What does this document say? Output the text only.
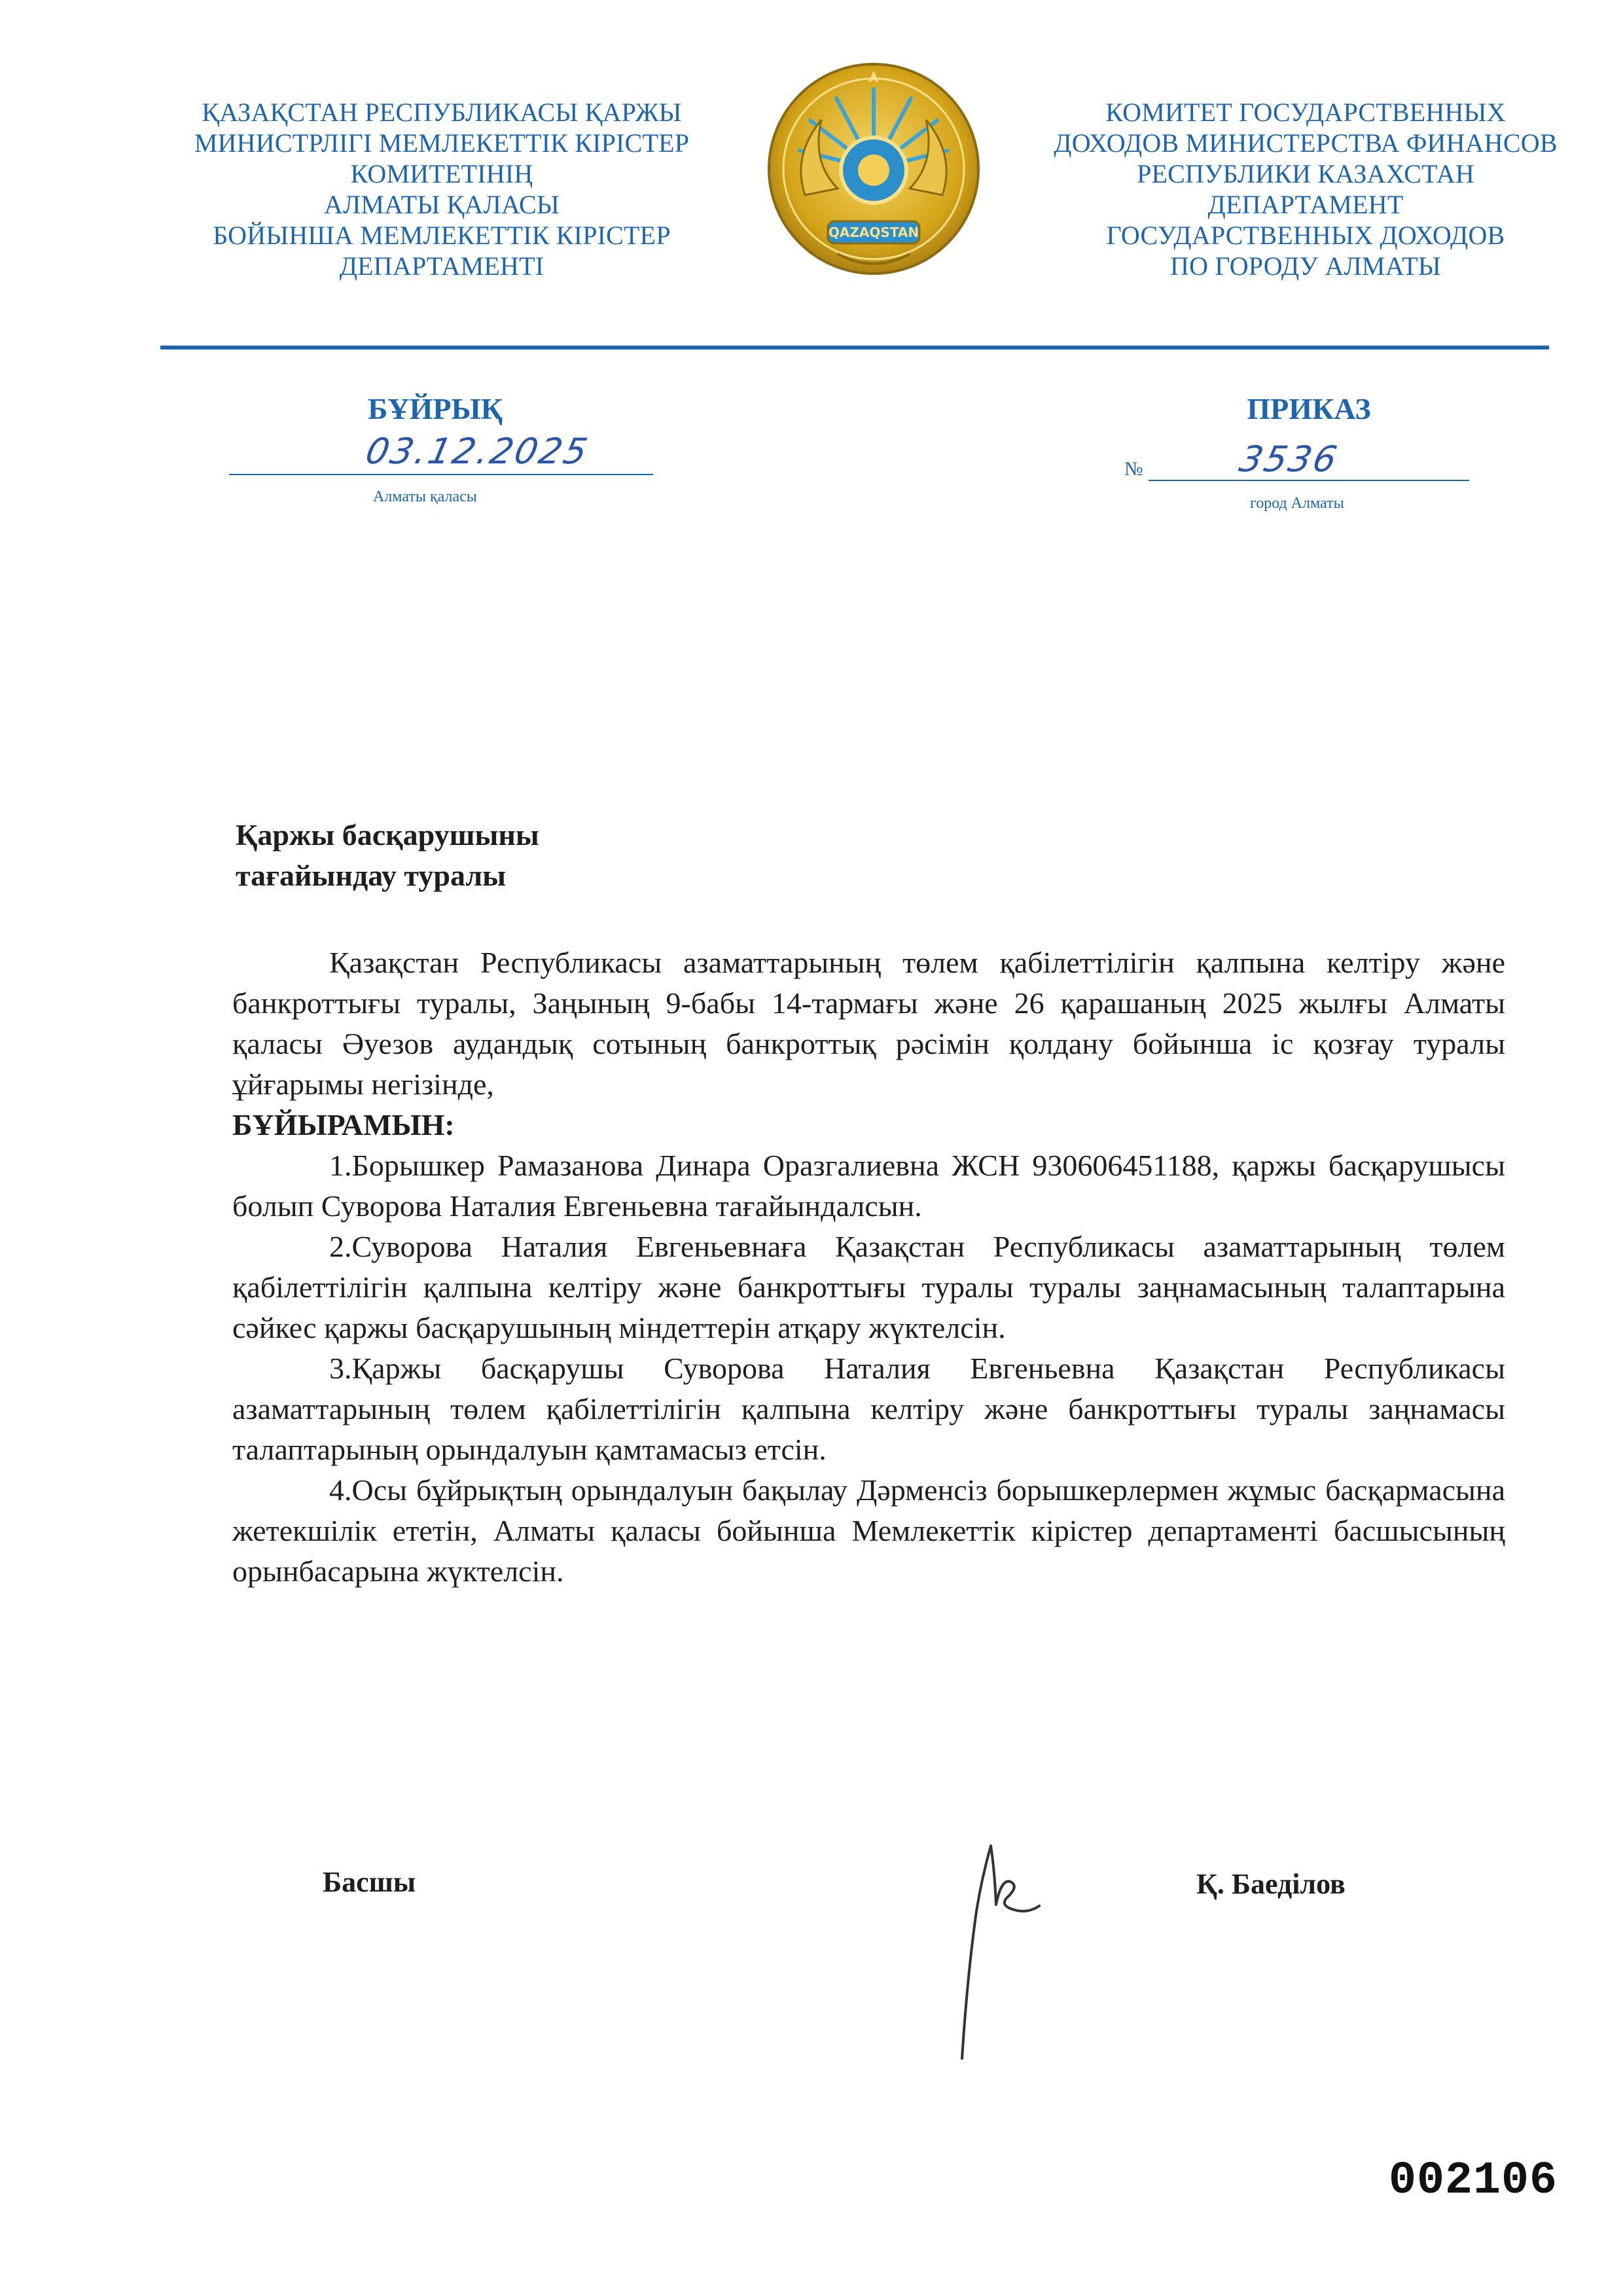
ҚАЗАҚСТАН РЕСПУБЛИКАСЫ ҚАРЖЫ
МИНИСТРЛІГІ МЕМЛЕКЕТТІК КІРІСТЕР
КОМИТЕТІНІҢ
АЛМАТЫ ҚАЛАСЫ
БОЙЫНША МЕМЛЕКЕТТІК КІРІСТЕР
ДЕПАРТАМЕНТІ
QAZAQSTAN
КОМИТЕТ ГОСУДАРСТВЕННЫХ
ДОХОДОВ МИНИСТЕРСТВА ФИНАНСОВ
РЕСПУБЛИКИ КАЗАХСТАН
ДЕПАРТАМЕНТ
ГОСУДАРСТВЕННЫХ ДОХОДОВ
ПО ГОРОДУ АЛМАТЫ
БҰЙРЫҚ	ПРИКАЗ
03.12.2025	№	3536
Алматы қаласы	город Алматы
Қаржы басқарушыны
тағайындау туралы

Қазақстан Республикасы азаматтарының төлем қабілеттілігін қалпына келтіру және банкроттығы туралы, Заңының 9-бабы 14-тармағы және 26 қарашаның 2025 жылғы Алматы қаласы Әуезов аудандық сотының банкроттық рәсімін қолдану бойынша іс қозғау туралы ұйғарымы негізінде,

БҰЙЫРАМЫН:

1.Борышкер Рамазанова Динара Оразгалиевна ЖСН 930606451188, қаржы басқарушысы болып Суворова Наталия Евгеньевна тағайындалсын.

2.Суворова Наталия Евгеньевнаға Қазақстан Республикасы азаматтарының төлем қабілеттілігін қалпына келтіру және банкроттығы туралы туралы заңнамасының талаптарына сәйкес қаржы басқарушының міндеттерін атқару жүктелсін.

3.Қаржы басқарушы Суворова Наталия Евгеньевна Қазақстан Республикасы азаматтарының төлем қабілеттілігін қалпына келтіру және банкроттығы туралы заңнамасы талаптарының орындалуын қамтамасыз етсін.

4.Осы бұйрықтың орындалуын бақылау Дәрменсіз борышкерлермен жұмыс басқармасына жетекшілік ететін, Алматы қаласы бойынша Мемлекеттік кірістер департаменті басшысының орынбасарына жүктелсін.

Басшы	Қ. Баеділов
002106
